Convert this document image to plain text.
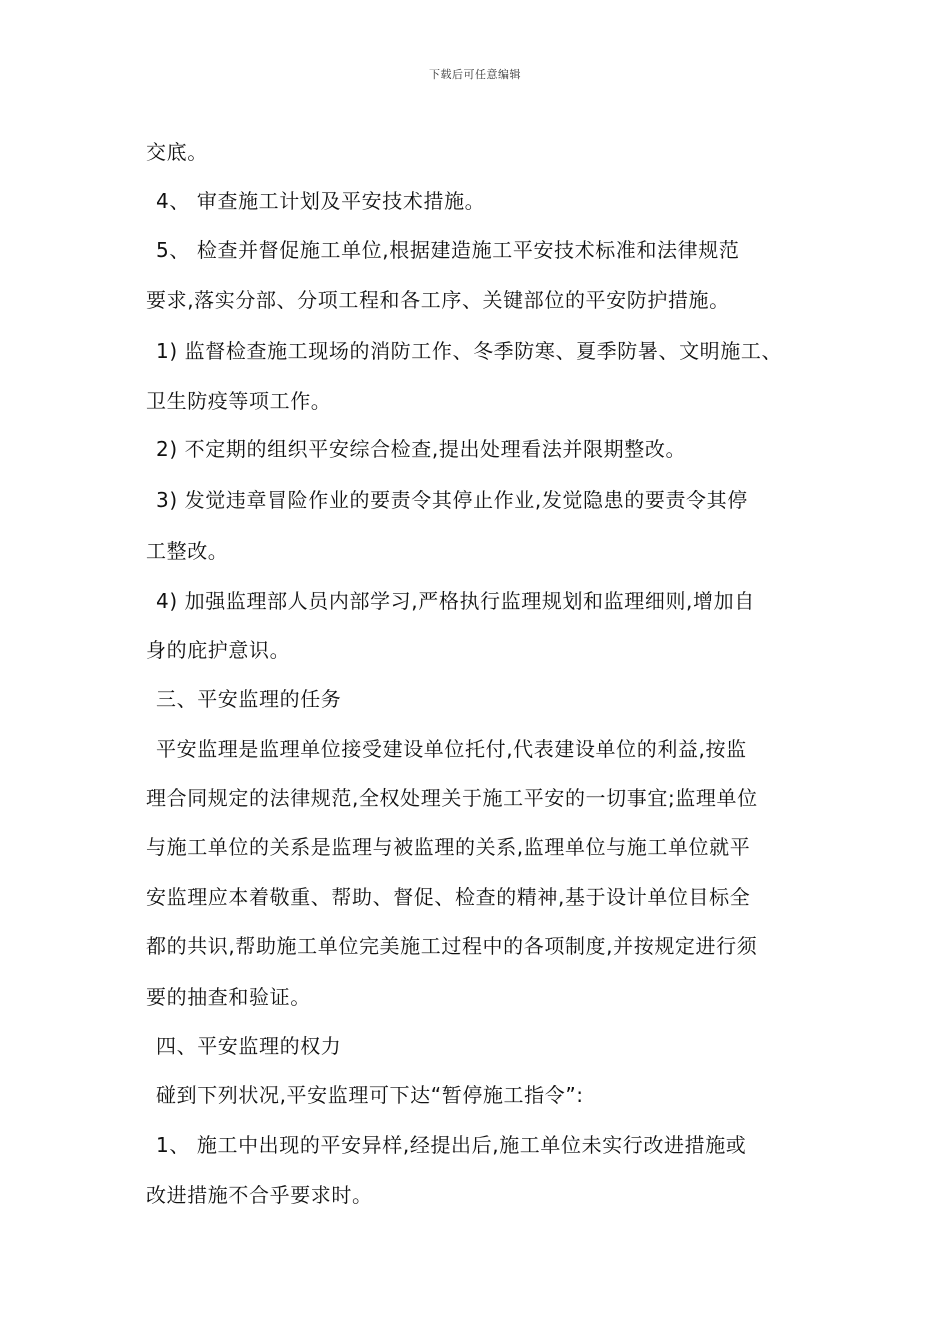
下载后可任意编辑
交底。
4、 审查施工计划及平安技术措施。
5、 检查并督促施工单位,根据建造施工平安技术标准和法律规范
要求,落实分部、分项工程和各工序、关键部位的平安防护措施。
1) 监督检查施工现场的消防工作、冬季防寒、夏季防暑、文明施工、
卫生防疫等项工作。
2) 不定期的组织平安综合检查,提出处理看法并限期整改。
3) 发觉违章冒险作业的要责令其停止作业,发觉隐患的要责令其停
工整改。
4) 加强监理部人员内部学习,严格执行监理规划和监理细则,增加自
身的庇护意识。
三、平安监理的任务
平安监理是监理单位接受建设单位托付,代表建设单位的利益,按监
理合同规定的法律规范,全权处理关于施工平安的一切事宜;监理单位
与施工单位的关系是监理与被监理的关系,监理单位与施工单位就平
安监理应本着敬重、帮助、督促、检查的精神,基于设计单位目标全
都的共识,帮助施工单位完美施工过程中的各项制度,并按规定进行须
要的抽查和验证。
四、平安监理的权力
碰到下列状况,平安监理可下达“暂停施工指令”:
1、 施工中出现的平安异样,经提出后,施工单位未实行改进措施或
改进措施不合乎要求时。
